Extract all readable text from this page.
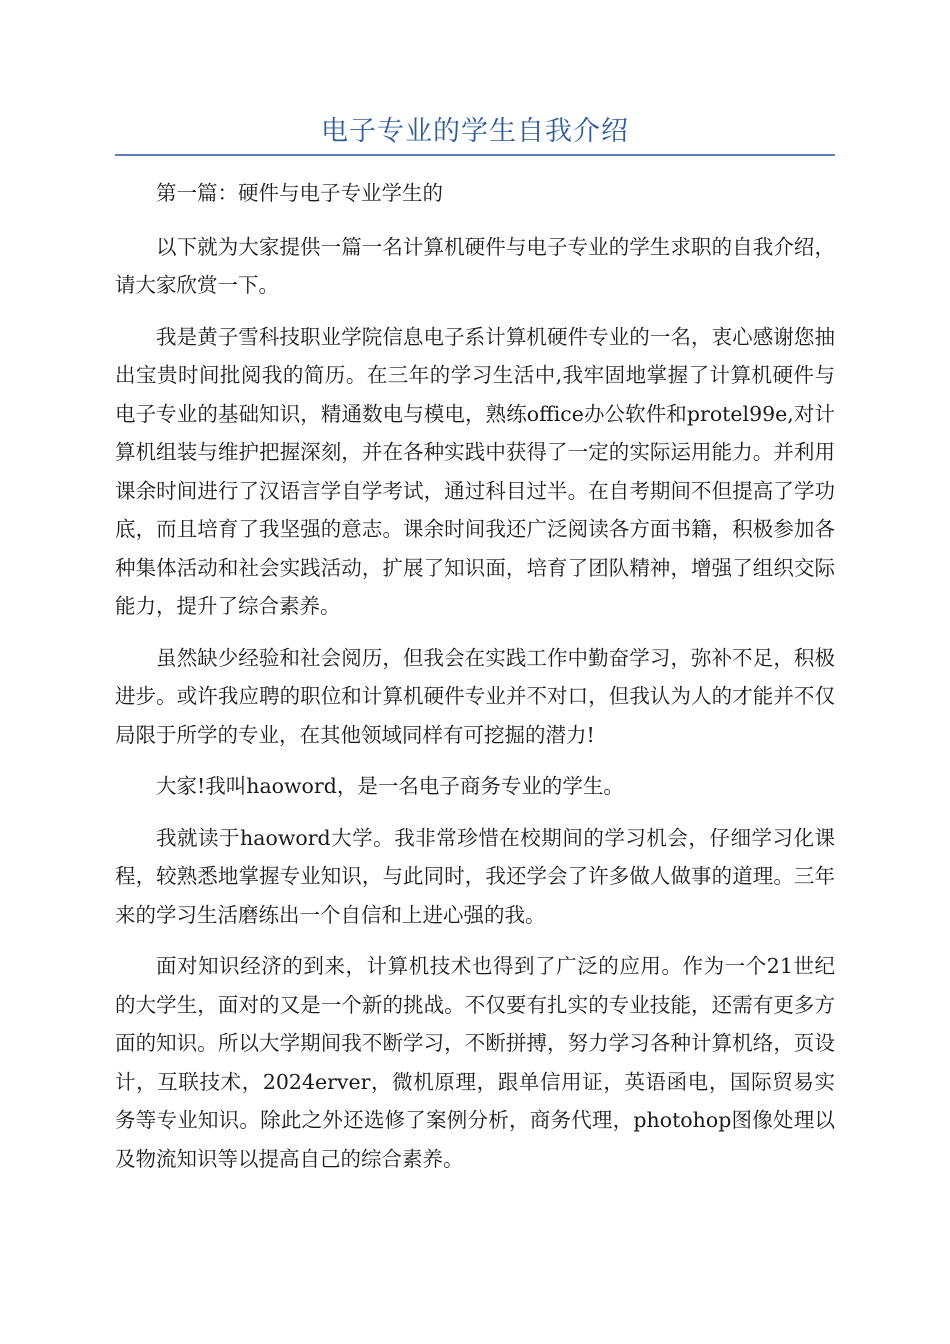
电子专业的学生自我介绍

第一篇：硬件与电子专业学生的

以下就为大家提供一篇一名计算机硬件与电子专业的学生求职的自我介绍，请大家欣赏一下。

我是黄子雪科技职业学院信息电子系计算机硬件专业的一名，衷心感谢您抽出宝贵时间批阅我的简历。在三年的学习生活中,我牢固地掌握了计算机硬件与电子专业的基础知识，精通数电与模电，熟练office办公软件和protel99e,对计算机组装与维护把握深刻，并在各种实践中获得了一定的实际运用能力。并利用课余时间进行了汉语言学自学考试，通过科目过半。在自考期间不但提高了学功底，而且培育了我坚强的意志。课余时间我还广泛阅读各方面书籍，积极参加各种集体活动和社会实践活动，扩展了知识面，培育了团队精神，增强了组织交际能力，提升了综合素养。

虽然缺少经验和社会阅历，但我会在实践工作中勤奋学习，弥补不足，积极进步。或许我应聘的职位和计算机硬件专业并不对口，但我认为人的才能并不仅局限于所学的专业，在其他领域同样有可挖掘的潜力!

大家!我叫haoword，是一名电子商务专业的学生。

我就读于haoword大学。我非常珍惜在校期间的学习机会，仔细学习化课程，较熟悉地掌握专业知识，与此同时，我还学会了许多做人做事的道理。三年来的学习生活磨练出一个自信和上进心强的我。

面对知识经济的到来，计算机技术也得到了广泛的应用。作为一个21世纪的大学生，面对的又是一个新的挑战。不仅要有扎实的专业技能，还需有更多方面的知识。所以大学期间我不断学习，不断拼搏，努力学习各种计算机络，页设计，互联技术，2024erver，微机原理，跟单信用证，英语函电，国际贸易实务等专业知识。除此之外还选修了案例分析，商务代理，photohop图像处理以及物流知识等以提高自己的综合素养。
